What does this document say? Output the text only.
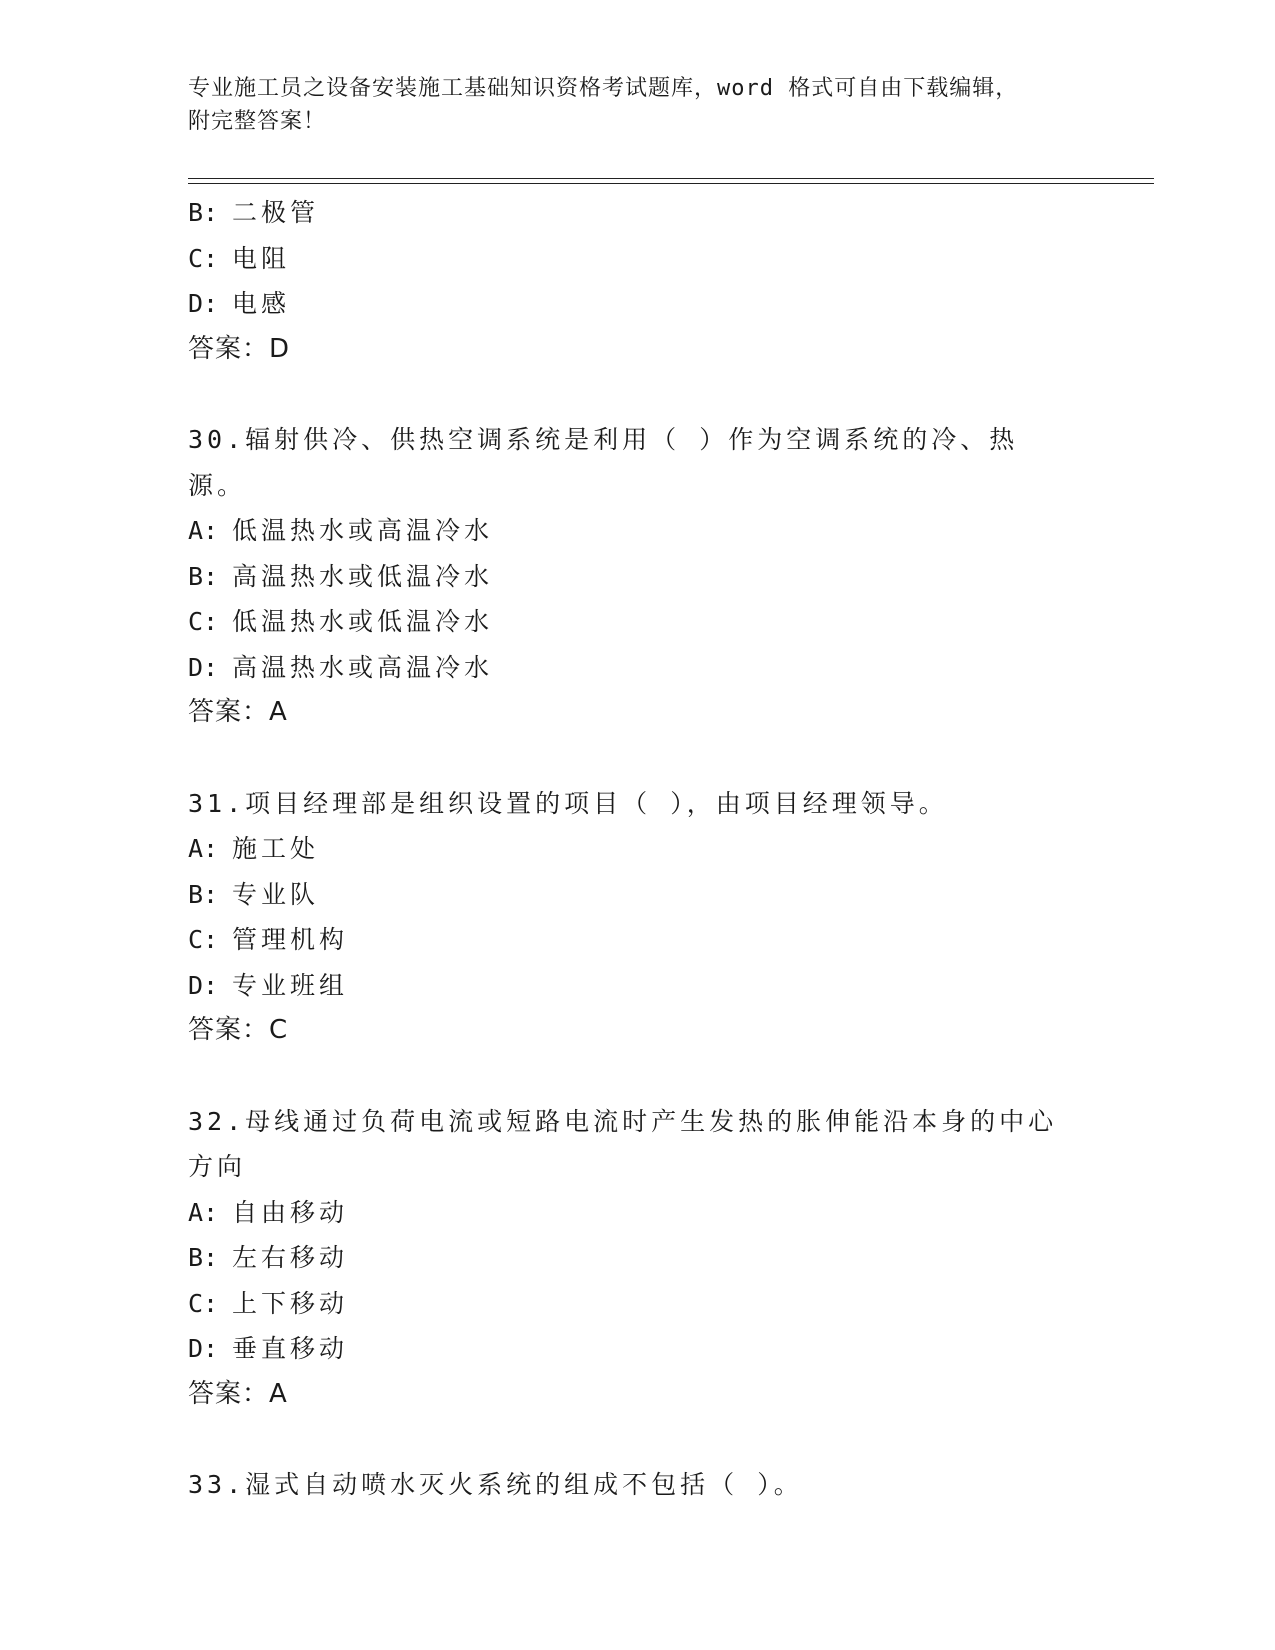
专业施工员之设备安装施工基础知识资格考试题库，word 格式可自由下载编辑，
附完整答案！
B: 二极管
C: 电阻
D: 电感
答案：D
30.辐射供冷、供热空调系统是利用（ ）作为空调系统的冷、热源。
A: 低温热水或高温冷水
B: 高温热水或低温冷水
C: 低温热水或低温冷水
D: 高温热水或高温冷水
答案：A
31.项目经理部是组织设置的项目（ ），由项目经理领导。
A: 施工处
B: 专业队
C: 管理机构
D: 专业班组
答案：C
32.母线通过负荷电流或短路电流时产生发热的胀伸能沿本身的中心方向
A: 自由移动
B: 左右移动
C: 上下移动
D: 垂直移动
答案：A
33.湿式自动喷水灭火系统的组成不包括（ ）。
